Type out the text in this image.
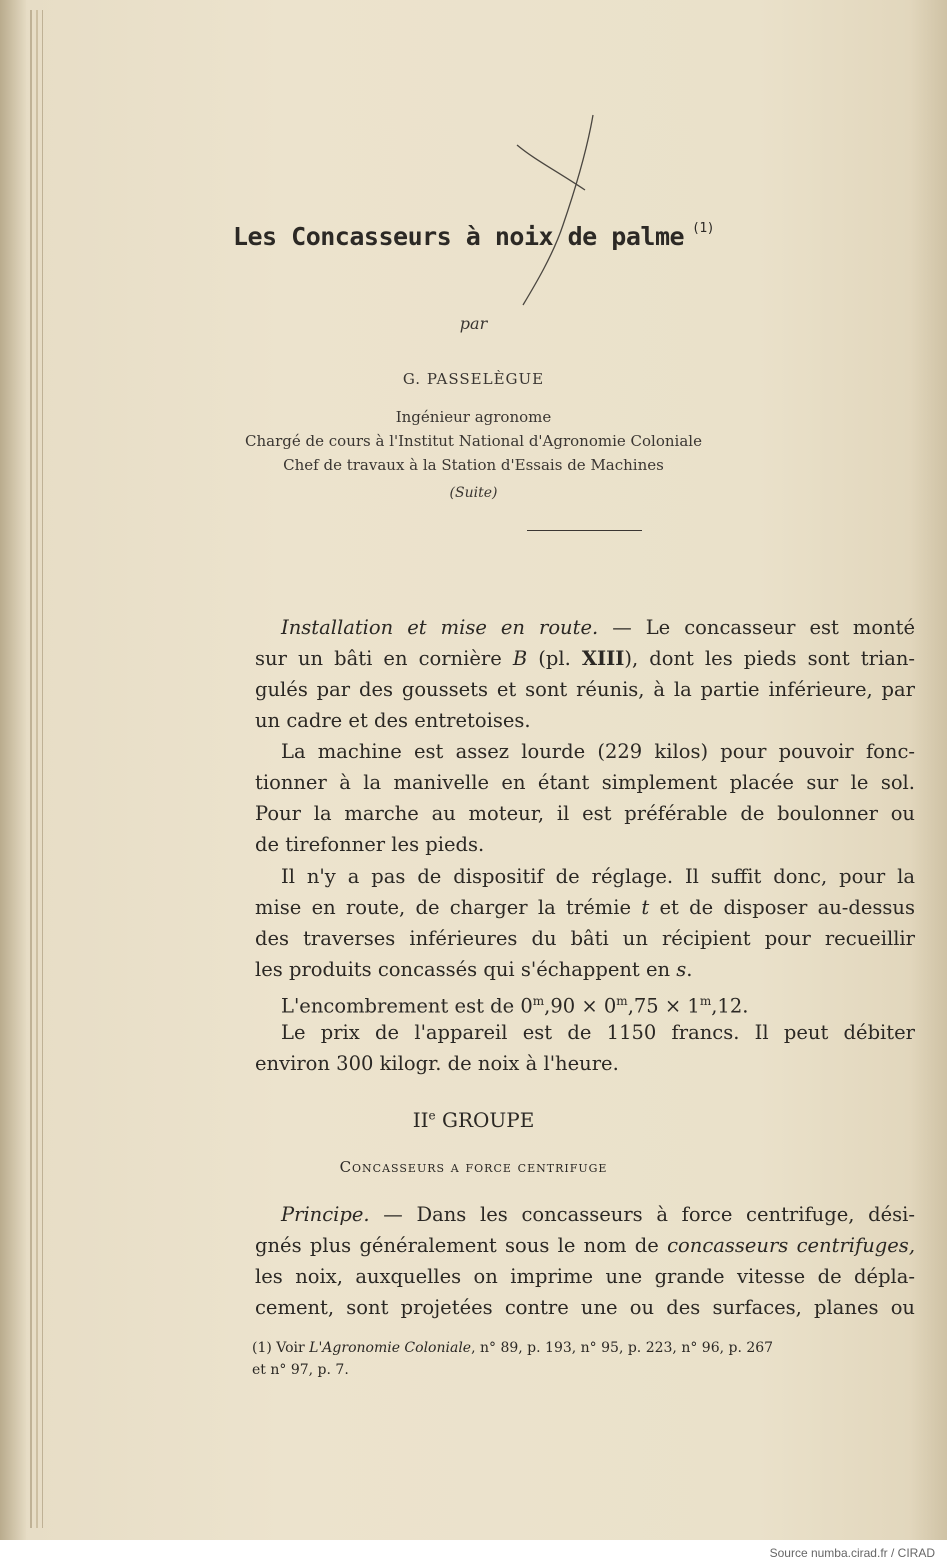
Les Concasseurs à noix de palme $^{(1)}$
par
G. PASSELÈGUE
Ingénieur agronome
Chargé de cours à l'Institut National d'Agronomie Coloniale
Chef de travaux à la Station d'Essais de Machines
(Suite)
Installation et mise en route. — Le concasseur est monté
sur un bâti en cornière B (pl. XIII), dont les pieds sont trian-
gulés par des goussets et sont réunis, à la partie inférieure, par
un cadre et des entretoises.
La machine est assez lourde (229 kilos) pour pouvoir fonc-
tionner à la manivelle en étant simplement placée sur le sol.
Pour la marche au moteur, il est préférable de boulonner ou
de tirefonner les pieds.
Il n'y a pas de dispositif de réglage. Il suffit donc, pour la
mise en route, de charger la trémie t et de disposer au-dessus
des traverses inférieures du bâti un récipient pour recueillir
les produits concassés qui s'échappent en s.
L'encombrement est de $0^m,90 \times 0^m,75 \times 1^m,12$.
Le prix de l'appareil est de 1150 francs. Il peut débiter
environ 300 kilogr. de noix à l'heure.
IIe GROUPE
Concasseurs a force centrifuge
Principe. — Dans les concasseurs à force centrifuge, dési-
gnés plus généralement sous le nom de concasseurs centrifuges,
les noix, auxquelles on imprime une grande vitesse de dépla-
cement, sont projetées contre une ou des surfaces, planes ou
(1) Voir L'Agronomie Coloniale, n° 89, p. 193, n° 95, p. 223, n° 96, p. 267
et n° 97, p. 7.
Source numba.cirad.fr / CIRAD
